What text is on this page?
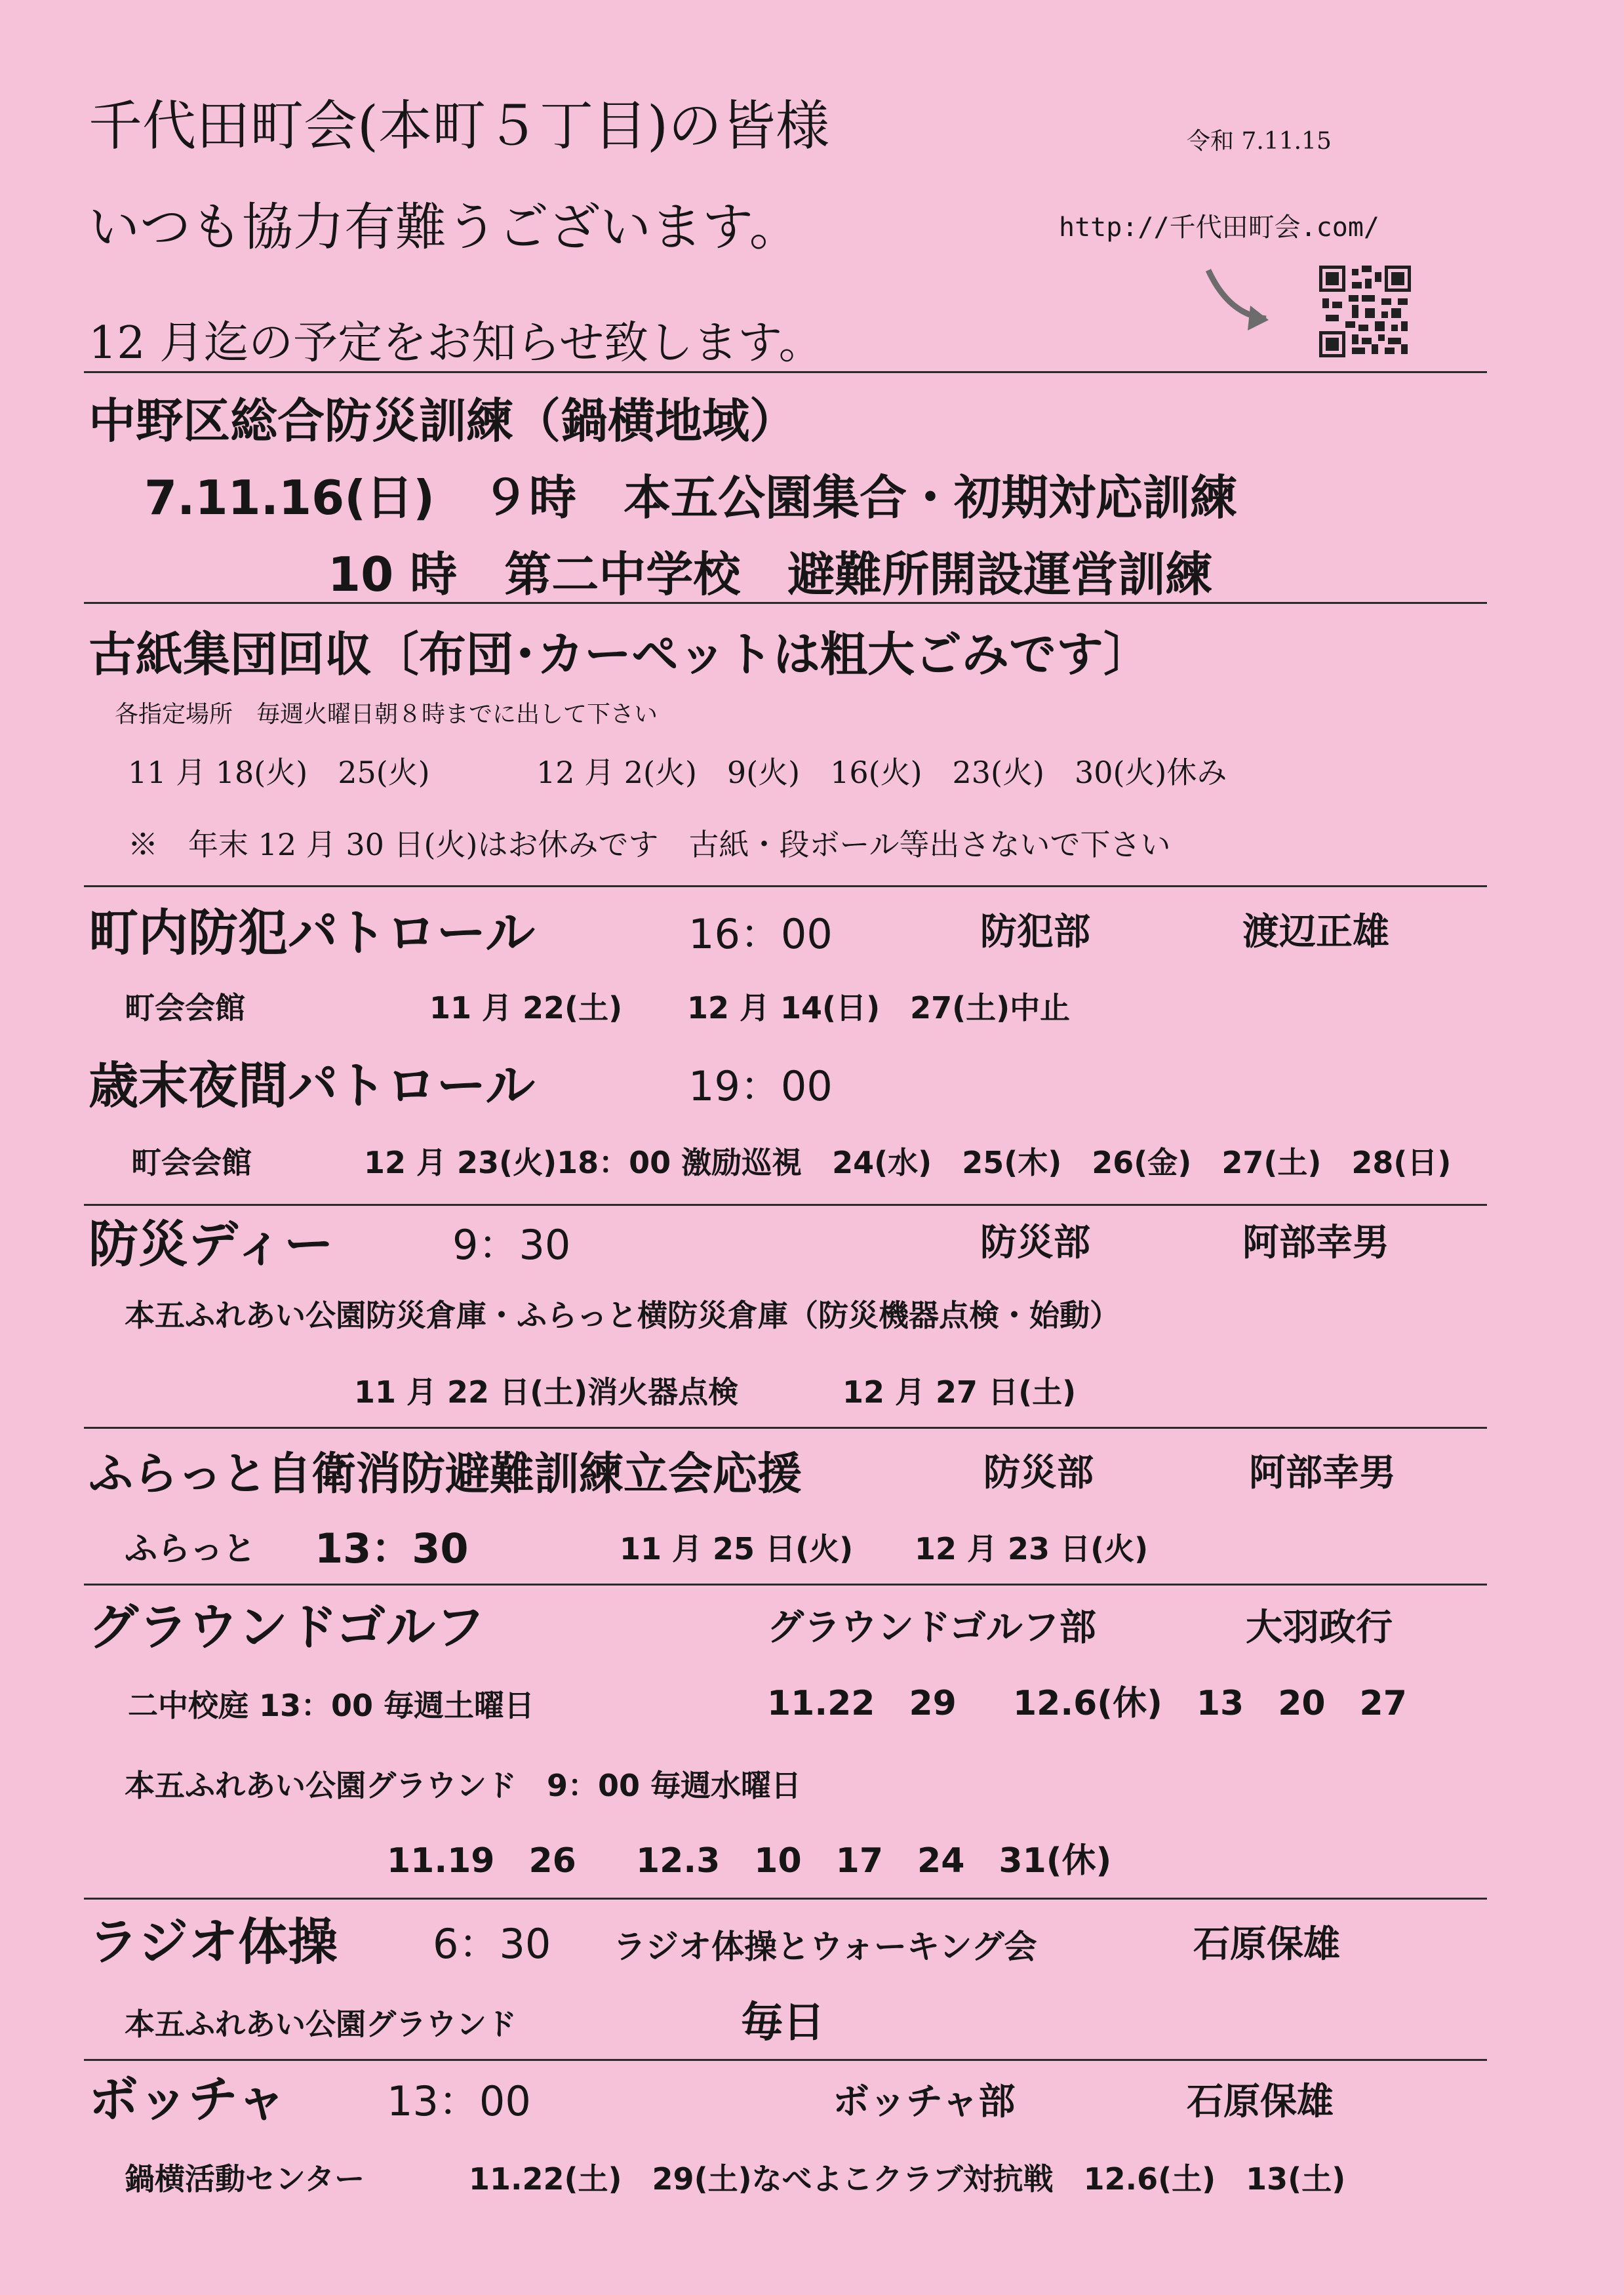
千代田町会(本町５丁目)の皆様	令和 7.11.15
いつも協力有難うございます。	http://千代田町会.com/
12 月迄の予定をお知らせ致します。
中野区総合防災訓練（鍋横地域）
7.11.16(日)　９時　本五公園集合・初期対応訓練
10 時　第二中学校　避難所開設運営訓練
古紙集団回収〔布団･カーペットは粗大ごみです〕
各指定場所　毎週火曜日朝８時までに出して下さい
11 月 18(火)　25(火)	12 月 2(火)　9(火)　16(火)　23(火)　30(火)休み
※　年末 12 月 30 日(火)はお休みです　古紙・段ボール等出さないで下さい
町内防犯パトロール	16：00	防犯部	渡辺正雄
町会会館	11 月 22(土) 12 月 14(日)　27(土)中止
歳末夜間パトロール	19：00
町会会館	12 月 23(火)18：00 激励巡視　24(水)　25(木)　26(金)　27(土)　28(日)
防災ディー	9：30	防災部	阿部幸男
本五ふれあい公園防災倉庫・ふらっと横防災倉庫（防災機器点検・始動）
11 月 22 日(土)消火器点検	12 月 27 日(土)
ふらっと自衛消防避難訓練立会応援	防災部	阿部幸男
ふらっと 13：30	11 月 25 日(火) 12 月 23 日(火)
グラウンドゴルフ	グラウンドゴルフ部	大羽政行
二中校庭 13：00 毎週土曜日	11.22　29 12.6(休)　13　20　27
本五ふれあい公園グラウンド　9：00 毎週水曜日
11.19　26 12.3　10　17　24　31(休)
ラジオ体操 6：30 ラジオ体操とウォーキング会	石原保雄
本五ふれあい公園グラウンド	毎日
ボッチャ 13：00	ボッチャ部	石原保雄
鍋横活動センター	11.22(土)　29(土)なべよこクラブ対抗戦　12.6(土)　13(土)
